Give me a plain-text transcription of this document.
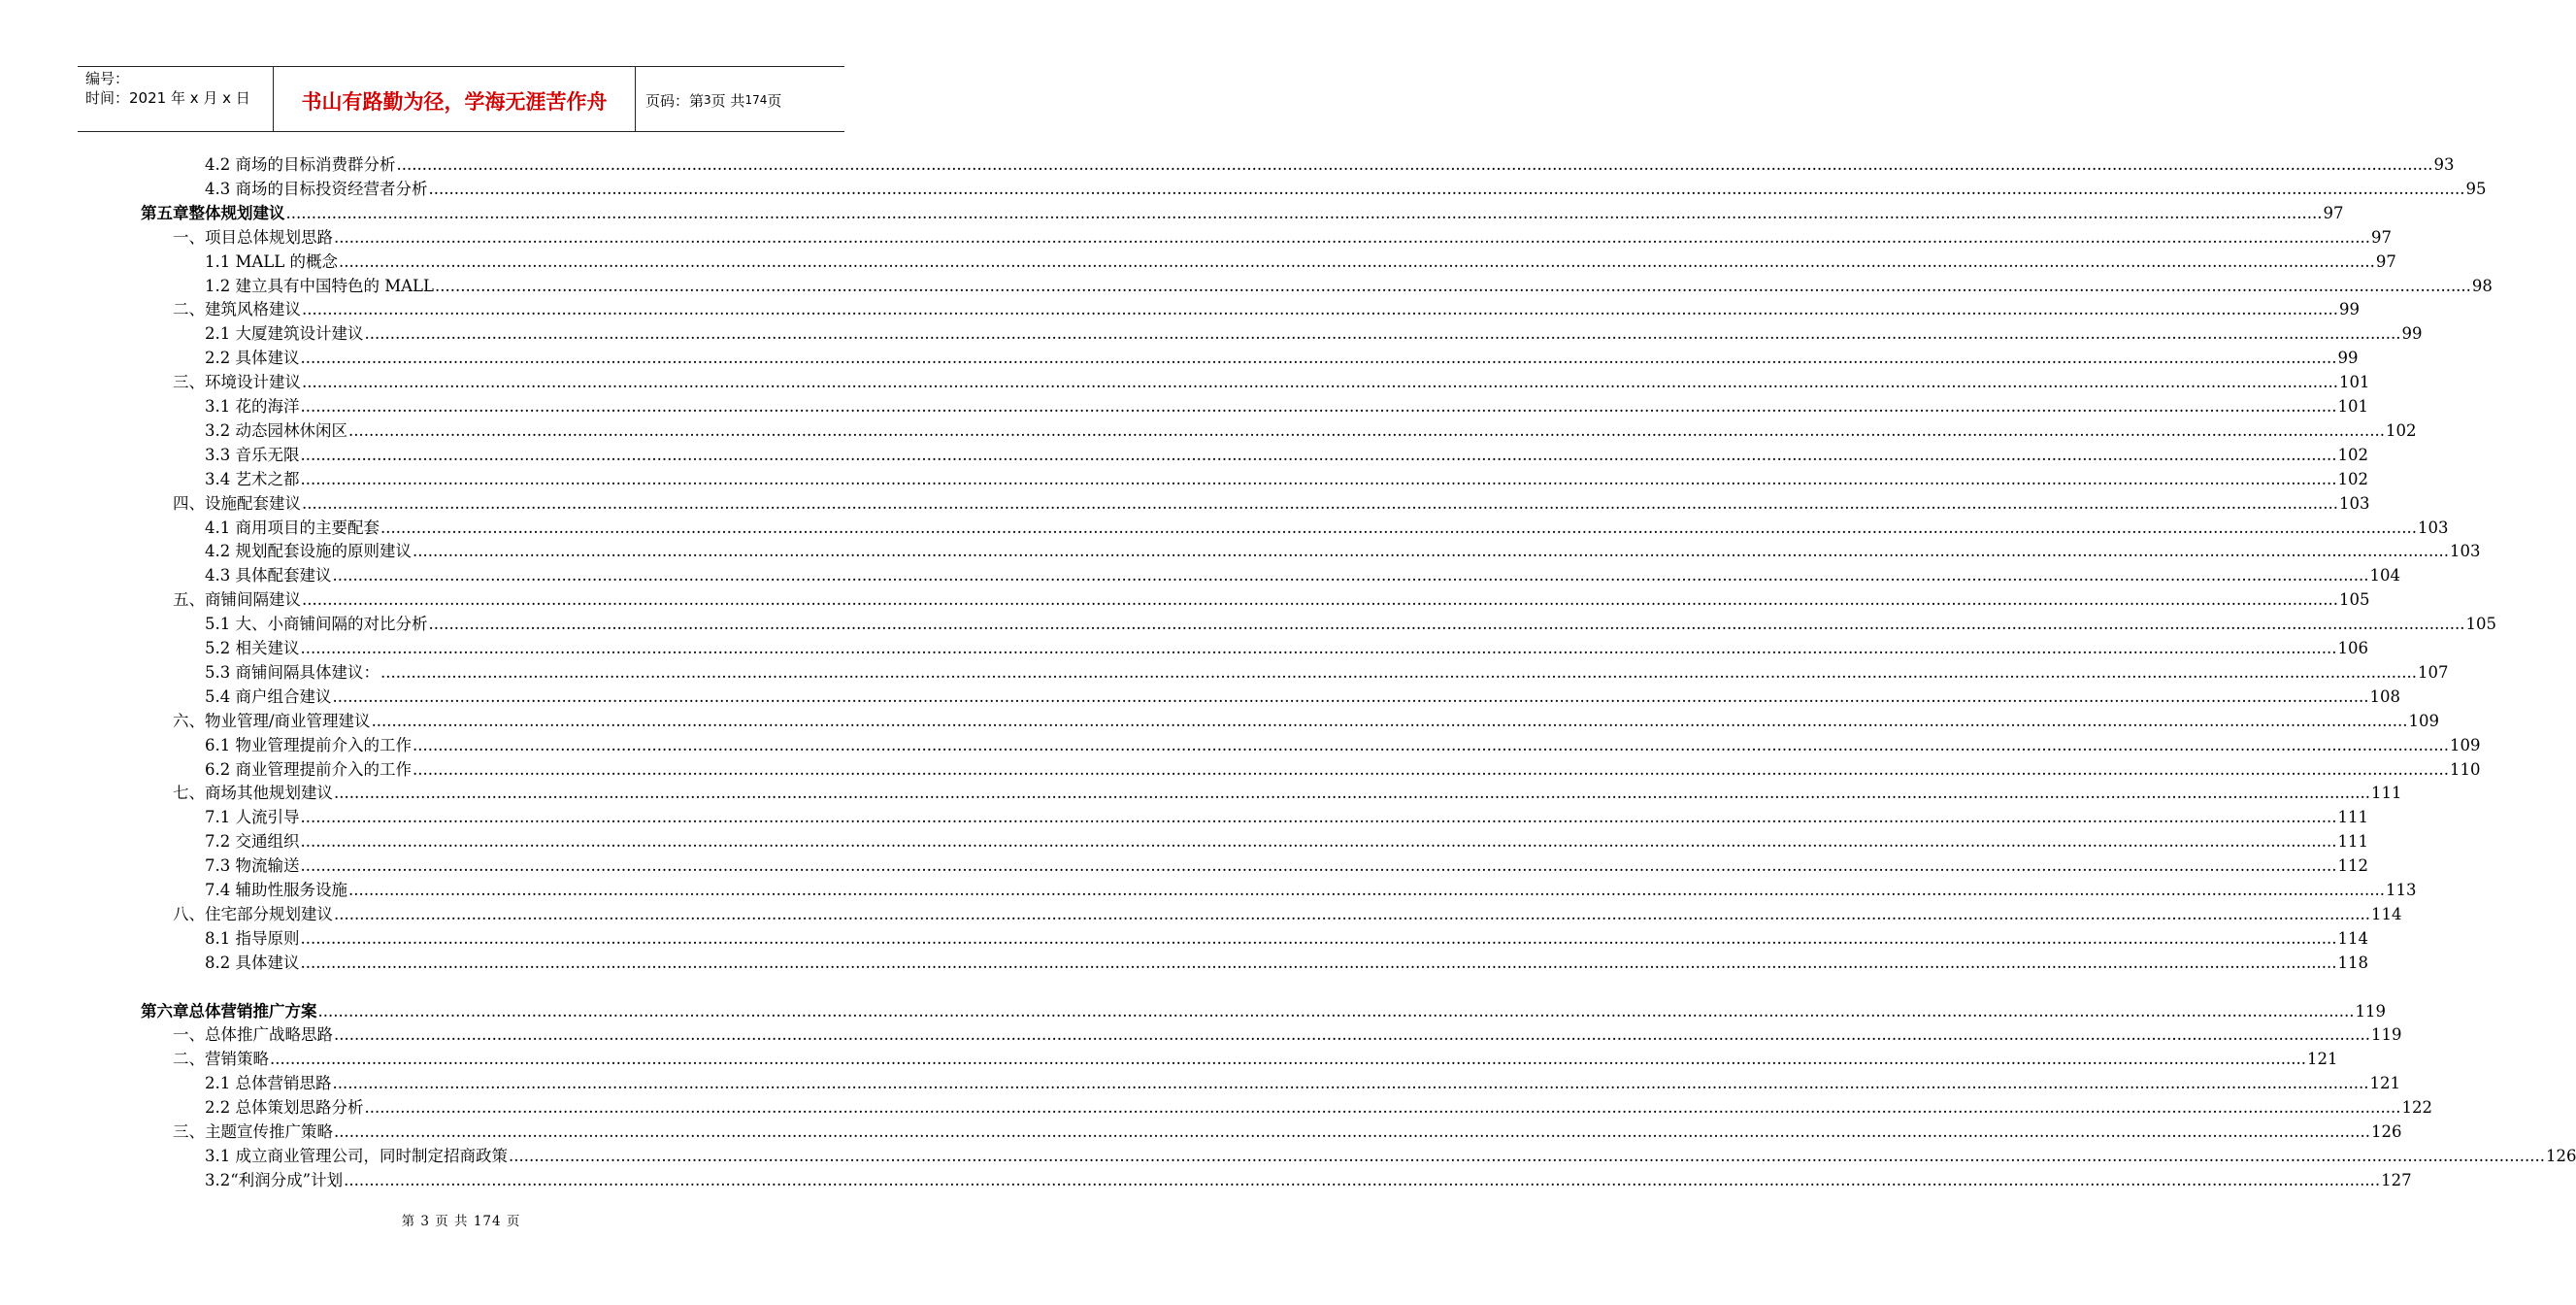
编号：
时间：2021 年 x 月 x 日	书山有路勤为径，学海无涯苦作舟	页码：第 3 页 共 174 页
4.2 商场的目标消费群分析 ................................................................................................................................................................................................................................................................................................................................................................................................................ 93
4.3 商场的目标投资经营者分析 ................................................................................................................................................................................................................................................................................................................................................................................................................ 95
第五章整体规划建议 ................................................................................................................................................................................................................................................................................................................................................................................................................ 97
一、项目总体规划思路 ................................................................................................................................................................................................................................................................................................................................................................................................................ 97
1.1 MALL 的概念 ................................................................................................................................................................................................................................................................................................................................................................................................................ 97
1.2 建立具有中国特色的 MALL ................................................................................................................................................................................................................................................................................................................................................................................................................ 98
二、建筑风格建议 ................................................................................................................................................................................................................................................................................................................................................................................................................ 99
2.1 大厦建筑设计建议 ................................................................................................................................................................................................................................................................................................................................................................................................................ 99
2.2 具体建议 ................................................................................................................................................................................................................................................................................................................................................................................................................ 99
三、环境设计建议 ................................................................................................................................................................................................................................................................................................................................................................................................................ 101
3.1 花的海洋 ................................................................................................................................................................................................................................................................................................................................................................................................................ 101
3.2 动态园林休闲区 ................................................................................................................................................................................................................................................................................................................................................................................................................ 102
3.3 音乐无限 ................................................................................................................................................................................................................................................................................................................................................................................................................ 102
3.4 艺术之都 ................................................................................................................................................................................................................................................................................................................................................................................................................ 102
四、设施配套建议 ................................................................................................................................................................................................................................................................................................................................................................................................................ 103
4.1 商用项目的主要配套 ................................................................................................................................................................................................................................................................................................................................................................................................................ 103
4.2 规划配套设施的原则建议 ................................................................................................................................................................................................................................................................................................................................................................................................................ 103
4.3 具体配套建议 ................................................................................................................................................................................................................................................................................................................................................................................................................ 104
五、商铺间隔建议 ................................................................................................................................................................................................................................................................................................................................................................................................................ 105
5.1 大、小商铺间隔的对比分析 ................................................................................................................................................................................................................................................................................................................................................................................................................ 105
5.2 相关建议 ................................................................................................................................................................................................................................................................................................................................................................................................................ 106
5.3 商铺间隔具体建议： ................................................................................................................................................................................................................................................................................................................................................................................................................ 107
5.4 商户组合建议 ................................................................................................................................................................................................................................................................................................................................................................................................................ 108
六、物业管理/商业管理建议 ................................................................................................................................................................................................................................................................................................................................................................................................................ 109
6.1 物业管理提前介入的工作 ................................................................................................................................................................................................................................................................................................................................................................................................................ 109
6.2 商业管理提前介入的工作 ................................................................................................................................................................................................................................................................................................................................................................................................................ 110
七、商场其他规划建议 ................................................................................................................................................................................................................................................................................................................................................................................................................ 111
7.1 人流引导 ................................................................................................................................................................................................................................................................................................................................................................................................................ 111
7.2 交通组织 ................................................................................................................................................................................................................................................................................................................................................................................................................ 111
7.3 物流输送 ................................................................................................................................................................................................................................................................................................................................................................................................................ 112
7.4 辅助性服务设施 ................................................................................................................................................................................................................................................................................................................................................................................................................ 113
八、住宅部分规划建议 ................................................................................................................................................................................................................................................................................................................................................................................................................ 114
8.1 指导原则 ................................................................................................................................................................................................................................................................................................................................................................................................................ 114
8.2 具体建议 ................................................................................................................................................................................................................................................................................................................................................................................................................ 118
第六章总体营销推广方案 ................................................................................................................................................................................................................................................................................................................................................................................................................ 119
一、总体推广战略思路 ................................................................................................................................................................................................................................................................................................................................................................................................................ 119
二、营销策略 ................................................................................................................................................................................................................................................................................................................................................................................................................ 121
2.1 总体营销思路 ................................................................................................................................................................................................................................................................................................................................................................................................................ 121
2.2 总体策划思路分析 ................................................................................................................................................................................................................................................................................................................................................................................................................ 122
三、主题宣传推广策略 ................................................................................................................................................................................................................................................................................................................................................................................................................ 126
3.1 成立商业管理公司，同时制定招商政策 ................................................................................................................................................................................................................................................................................................................................................................................................................ 126
3.2“利润分成”计划 ................................................................................................................................................................................................................................................................................................................................................................................................................ 127
第 3 页 共 174 页
